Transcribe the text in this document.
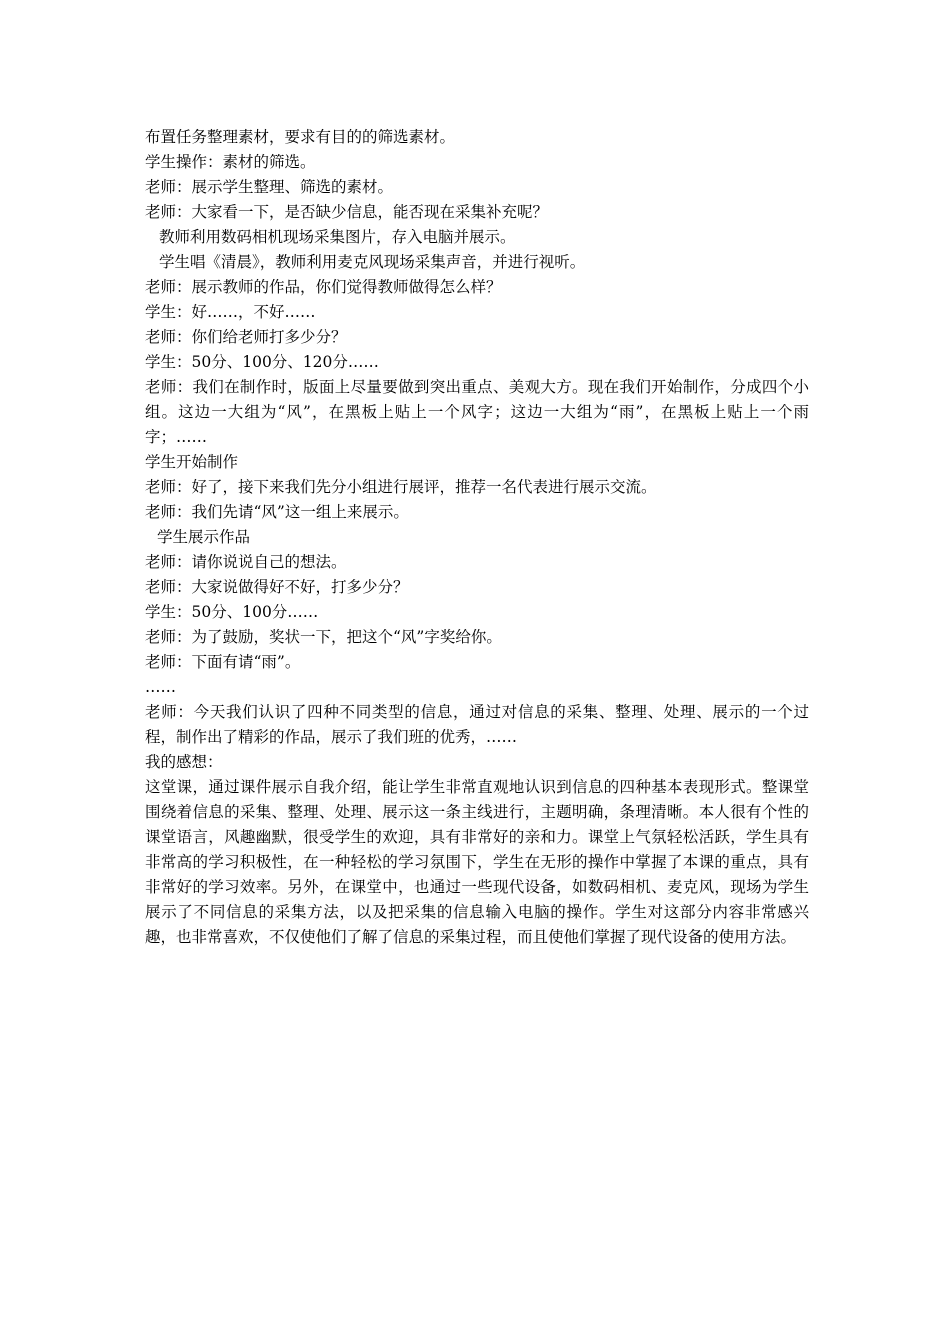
布置任务整理素材，要求有目的的筛选素材。

学生操作：素材的筛选。

老师：展示学生整理、筛选的素材。

老师：大家看一下，是否缺少信息，能否现在采集补充呢？

教师利用数码相机现场采集图片，存入电脑并展示。

学生唱《清晨》，教师利用麦克风现场采集声音，并进行视听。

老师：展示教师的作品，你们觉得教师做得怎么样？

学生：好……，不好……

老师：你们给老师打多少分？

学生：50分、100分、120分……

老师：我们在制作时，版面上尽量要做到突出重点、美观大方。现在我们开始制作，分成四个小组。这边一大组为“风”，在黑板上贴上一个风字；这边一大组为“雨”，在黑板上贴上一个雨字；……

学生开始制作

老师：好了，接下来我们先分小组进行展评，推荐一名代表进行展示交流。

老师：我们先请“风”这一组上来展示。

学生展示作品

老师：请你说说自己的想法。

老师：大家说做得好不好，打多少分？

学生：50分、100分……

老师：为了鼓励，奖状一下，把这个“风”字奖给你。

老师：下面有请“雨”。

……

老师：今天我们认识了四种不同类型的信息，通过对信息的采集、整理、处理、展示的一个过程，制作出了精彩的作品，展示了我们班的优秀，……

我的感想：

这堂课，通过课件展示自我介绍，能让学生非常直观地认识到信息的四种基本表现形式。整课堂围绕着信息的采集、整理、处理、展示这一条主线进行，主题明确，条理清晰。本人很有个性的课堂语言，风趣幽默，很受学生的欢迎，具有非常好的亲和力。课堂上气氛轻松活跃，学生具有非常高的学习积极性，在一种轻松的学习氛围下，学生在无形的操作中掌握了本课的重点，具有非常好的学习效率。另外，在课堂中，也通过一些现代设备，如数码相机、麦克风，现场为学生展示了不同信息的采集方法，以及把采集的信息输入电脑的操作。学生对这部分内容非常感兴趣，也非常喜欢，不仅使他们了解了信息的采集过程，而且使他们掌握了现代设备的使用方法。
